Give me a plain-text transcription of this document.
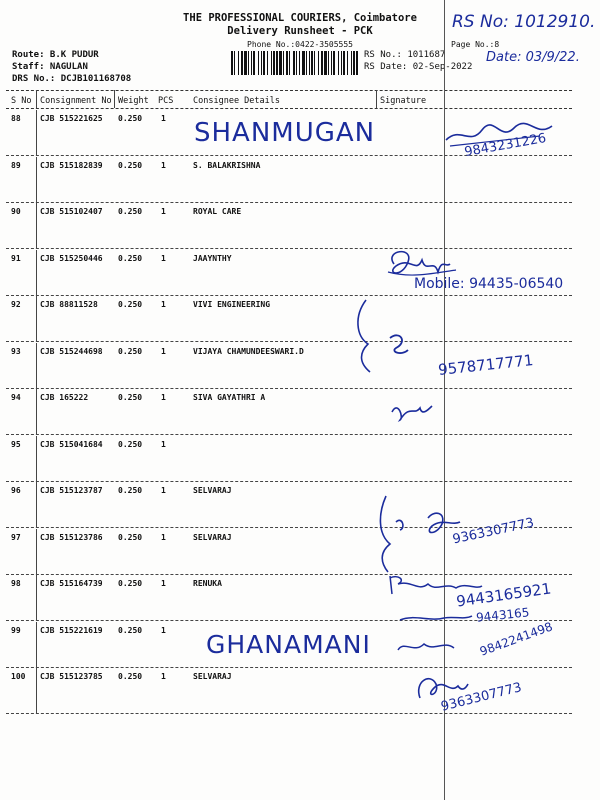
THE PROFESSIONAL COURIERS, Coimbatore
Delivery Runsheet - PCK
Phone No.:0422-3505555	Page No.:8
Route: B.K PUDUR
Staff: NAGULAN
DRS No.: DCJB101168708
RS No.: 1011687
RS Date: 02-Sep-2022
S No Consignment No Weight PCS Consignee Details	Signature
88 CJB 515221625 0.250 1
89 CJB 515182839 0.250 1	S. BALAKRISHNA
90 CJB 515102407 0.250 1	ROYAL CARE
91 CJB 515250446 0.250 1	JAAYNTHY
92 CJB 88811528	0.250 1	VIVI ENGINEERING
93 CJB 515244698 0.250 1	VIJAYA CHAMUNDEESWARI.D
94 CJB 165222	0.250 1	SIVA GAYATHRI A
95 CJB 515041684 0.250 1
96 CJB 515123787 0.250 1	SELVARAJ
97 CJB 515123786 0.250 1	SELVARAJ
98 CJB 515164739 0.250 1	RENUKA
99 CJB 515221619 0.250 1
100 CJB 515123785 0.250 1	SELVARAJ
RS No: 1012910.
Date: 03/9/22.
SHANMUGAN	9843231226
Mobile: 94435-06540
9578717771
9363307773
9443165921
9443165
9842241498
GHANAMANI
9363307773
